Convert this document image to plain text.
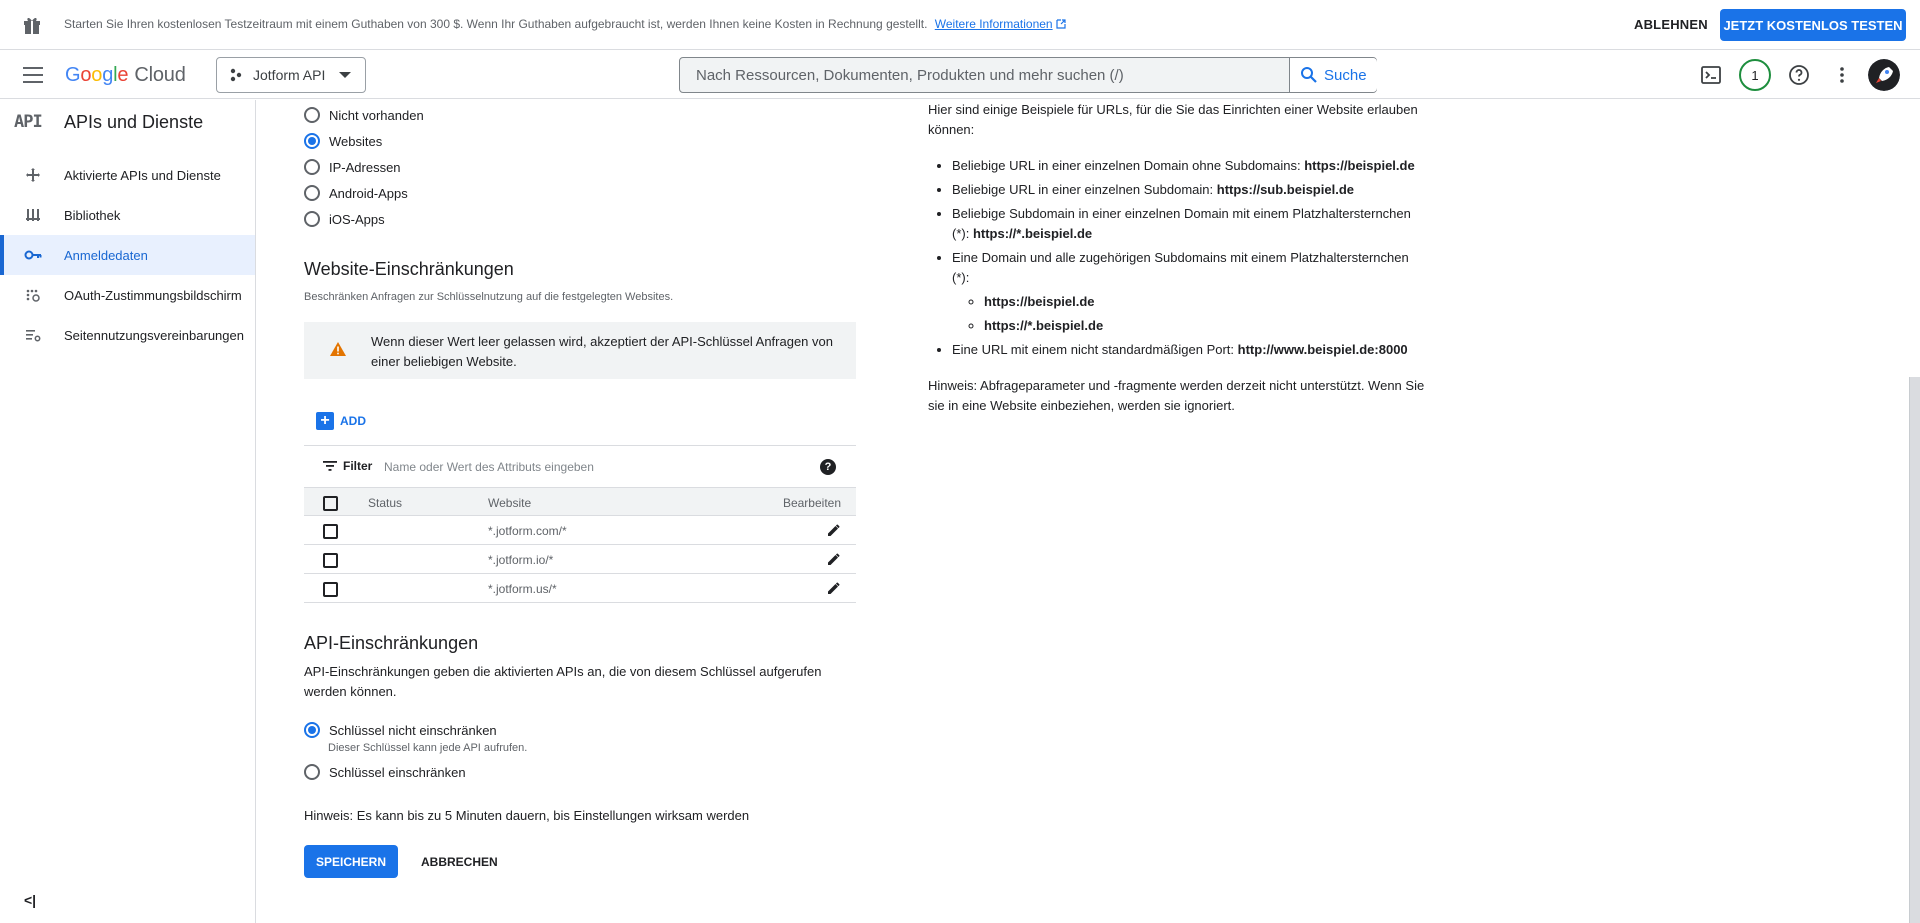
Starten Sie Ihren kostenlosen Testzeitraum mit einem Guthaben von 300 $. Wenn Ihr Guthaben aufgebraucht ist, werden Ihnen keine Kosten in Rechnung gestellt. Weitere Informationen	ABLEHNEN JETZT KOSTENLOS TESTEN
Google Cloud	Jotform API
Nach Ressourcen, Dokumenten, Produkten und mehr suchen (/)	Suche	1
API APIs und Dienste
Aktivierte APIs und Dienste
Bibliothek
Anmeldedaten
OAuth-Zustimmungsbildschirm
Seitennutzungsvereinbarungen
<|
Nicht vorhanden
Websites
IP-Adressen
Android-Apps
iOS-Apps
Website-Einschränkungen
Beschränken Anfragen zur Schlüsselnutzung auf die festgelegten Websites.
Wenn dieser Wert leer gelassen wird, akzeptiert der API-Schlüssel Anfragen von einer beliebigen Website.
+ ADD
Filter
Name oder Wert des Attributs eingeben	?
Status	Website	Bearbeiten
*.jotform.com/*
*.jotform.io/*
*.jotform.us/*
API-Einschränkungen
API-Einschränkungen geben die aktivierten APIs an, die von diesem Schlüssel aufgerufen werden können.
Schlüssel nicht einschränken
Dieser Schlüssel kann jede API aufrufen.
Schlüssel einschränken
Hinweis: Es kann bis zu 5 Minuten dauern, bis Einstellungen wirksam werden
SPEICHERN	ABBRECHEN

Hier sind einige Beispiele für URLs, für die Sie das Einrichten einer Website erlauben können:

• Beliebige URL in einer einzelnen Domain ohne Subdomains: https://beispiel.de
• Beliebige URL in einer einzelnen Subdomain: https://sub.beispiel.de
• Beliebige Subdomain in einer einzelnen Domain mit einem Platzhaltersternchen (*): https://*.beispiel.de
• Eine Domain und alle zugehörigen Subdomains mit einem Platzhaltersternchen (*):
◦ https://beispiel.de
◦ https://*.beispiel.de
• Eine URL mit einem nicht standardmäßigen Port: http://www.beispiel.de:8000

Hinweis: Abfrageparameter und -fragmente werden derzeit nicht unterstützt. Wenn Sie sie in eine Website einbeziehen, werden sie ignoriert.
